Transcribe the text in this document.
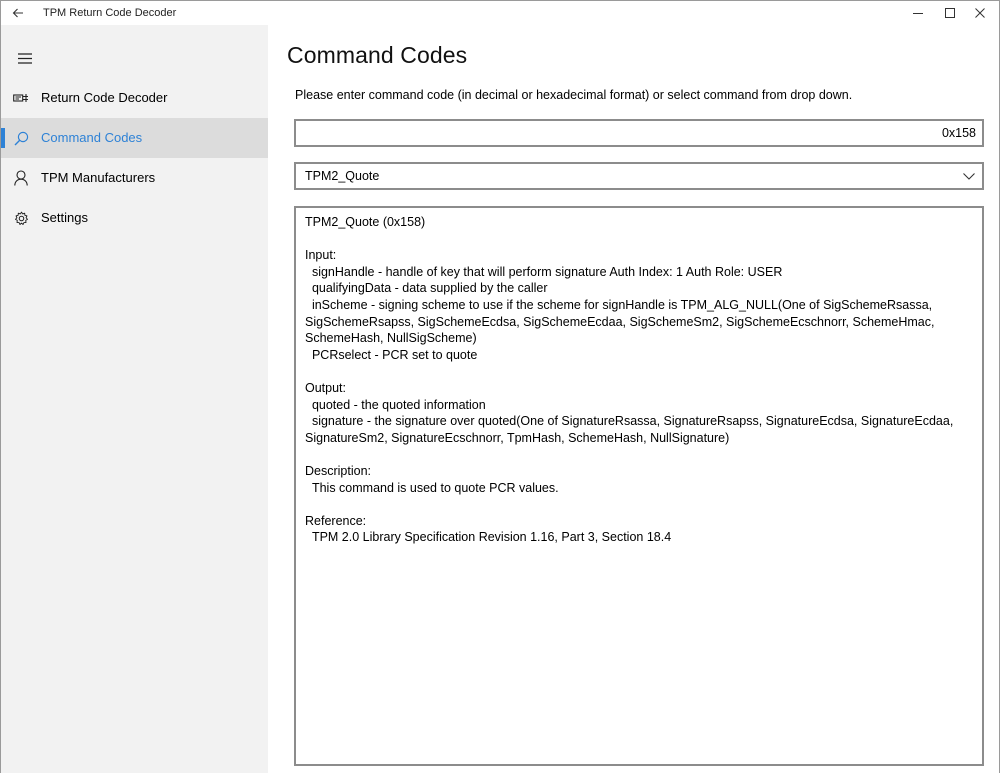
TPM Return Code Decoder
Return Code Decoder
Command Codes
TPM Manufacturers
Settings
Command Codes
Please enter command code (in decimal or hexadecimal format) or select command from drop down.
0x158
TPM2_Quote
TPM2_Quote (0x158)
Input:
signHandle - handle of key that will perform signature Auth Index: 1 Auth Role: USER
qualifyingData - data supplied by the caller
inScheme - signing scheme to use if the scheme for signHandle is TPM_ALG_NULL(One of SigSchemeRsassa, SigSchemeRsapss, SigSchemeEcdsa, SigSchemeEcdaa, SigSchemeSm2, SigSchemeEcschnorr, SchemeHmac, SchemeHash, NullSigScheme)
PCRselect - PCR set to quote
Output:
quoted - the quoted information
signature - the signature over quoted(One of SignatureRsassa, SignatureRsapss, SignatureEcdsa, SignatureEcdaa, SignatureSm2, SignatureEcschnorr, TpmHash, SchemeHash, NullSignature)
Description:
This command is used to quote PCR values.
Reference:
TPM 2.0 Library Specification Revision 1.16, Part 3, Section 18.4
